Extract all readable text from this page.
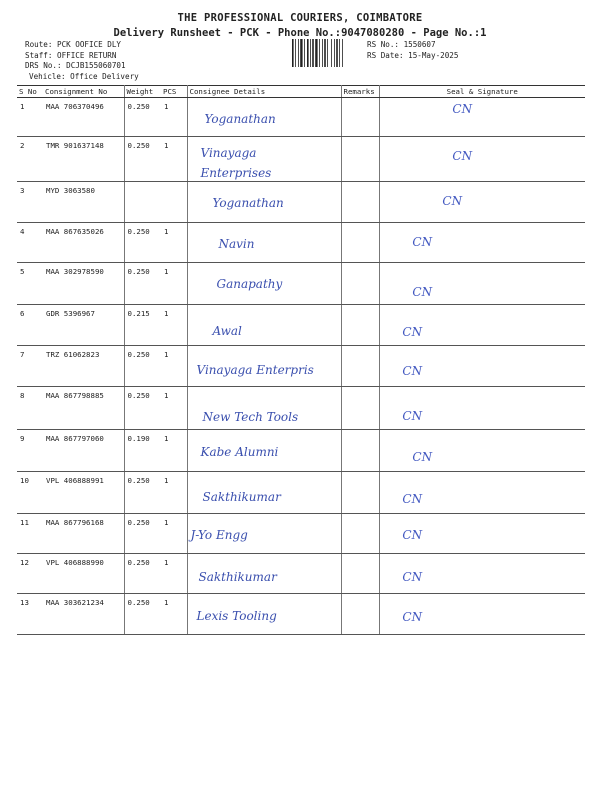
THE PROFESSIONAL COURIERS, COIMBATORE
Delivery Runsheet - PCK - Phone No.:9047080280 - Page No.:1
Route: PCK OOFICE DLY
Staff: OFFICE RETURN
DRS No.: DCJB155060701
Vehicle: Office Delivery
RS No.: 1550607
RS Date: 15-May-2025
S No	Consignment No	Weight	PCS	Consignee Details	Remarks	Seal & Signature
1	MAA 706370496	0.250	1	Yoganathan		CN
2	TMR 901637148	0.250	1	Vinayaga Enterprises		CN
3	MYD 3063580			Yoganathan		CN
4	MAA 867635026	0.250	1	Navin		CN
5	MAA 302978590	0.250	1	Ganapathy		CN
6	GDR 5396967	0.215	1	Awal		CN
7	TRZ 61062823	0.250	1	Vinayaga Enterpris		CN
8	MAA 867798885	0.250	1	New Tech Tools		CN
9	MAA 867797060	0.190	1	Kabe Alumni		CN
10	VPL 406888991	0.250	1	Sakthikumar		CN
11	MAA 867796168	0.250	1	J-Yo Engg		CN
12	VPL 406888990	0.250	1	Sakthikumar		CN
13	MAA 303621234	0.250	1	Lexis Tooling		CN
